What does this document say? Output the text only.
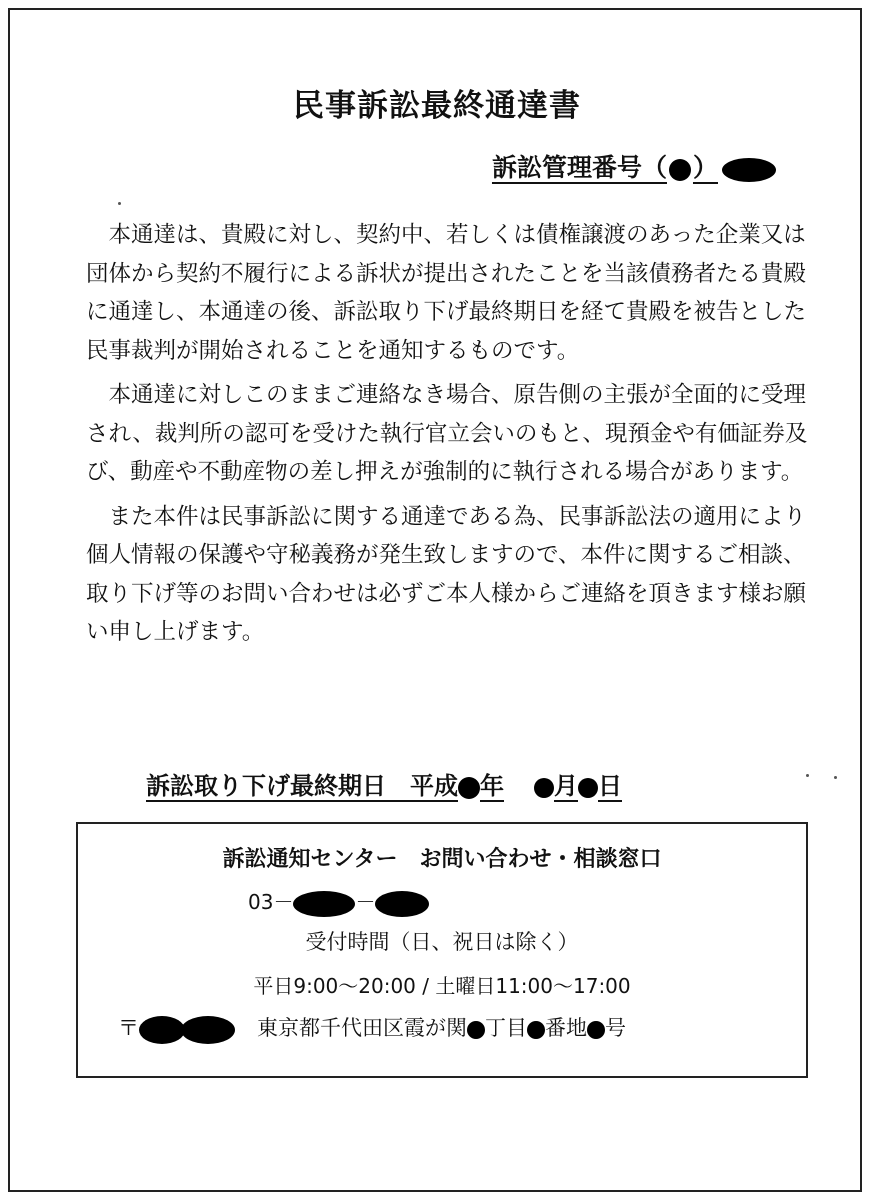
民事訴訟最終通達書
訴訟管理番号（ ）

本通達は、貴殿に対し、契約中、若しくは債権譲渡のあった企業又は団体から契約不履行による訴状が提出されたことを当該債務者たる貴殿に通達し、本通達の後、訴訟取り下げ最終期日を経て貴殿を被告とした民事裁判が開始されることを通知するものです。

本通達に対しこのままご連絡なき場合、原告側の主張が全面的に受理され、裁判所の認可を受けた執行官立会いのもと、現預金や有価証券及び、動産や不動産物の差し押えが強制的に執行される場合があります。

また本件は民事訴訟に関する通達である為、民事訴訟法の適用により個人情報の保護や守秘義務が発生致しますので、本件に関するご相談、取り下げ等のお問い合わせは必ずご本人様からご連絡を頂きます様お願い申し上げます。

訴訟取り下げ最終期日　平成 年 月 日
訴訟通知センター　お問い合わせ・相談窓口
03－	－
受付時間（日、祝日は除く）
平日9:00～20:00 / 土曜日11:00～17:00
〒	東京都千代田区霞が関 丁目 番地 号
